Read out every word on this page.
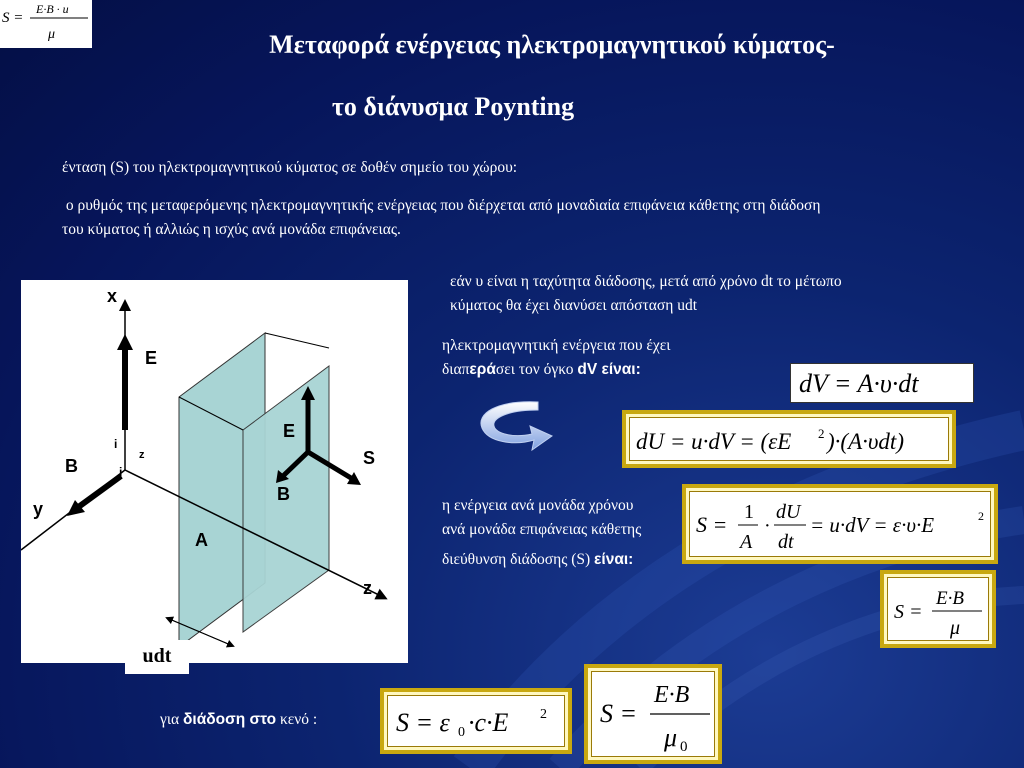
S =
E·B · u
μ	Μεταφορά ενέργειας ηλεκτρομαγνητικού κύματος-
το διάνυσμα Poynting
ένταση (S) του ηλεκτρομαγνητικού κύματος σε δοθέν σημείο του χώρου:
ο ρυθμός της μεταφερόμενης ηλεκτρομαγνητικής ενέργειας που διέρχεται από μοναδιαία επιφάνεια κάθετης στη διάδοση
του κύματος ή αλλιώς η ισχύς ανά μονάδα επιφάνειας.
εάν υ είναι η ταχύτητα διάδοσης, μετά από χρόνο dt το μέτωπο
κύματος θα έχει διανύσει απόσταση udt
ηλεκτρομαγνητική ενέργεια που έχει
διαπεράσει τον όγκο dV είναι:
η ενέργεια ανά μονάδα χρόνου
ανά μονάδα επιφάνειας κάθετης
διεύθυνση διάδοσης (S) είναι:
για διάδοση στο κενό :
x
E
B
y
z
E
B
S
A
i
j
z
udt
dV = A·υ·dt
dU = u·dV = (εE 2 )·(A·υdt)
S = 1
A
·
dU
dt
= u·dV = ε·υ·E	2
S =
E·B
μ
S = ε 0 ·c·E 2 S =
E·B
μ 0
